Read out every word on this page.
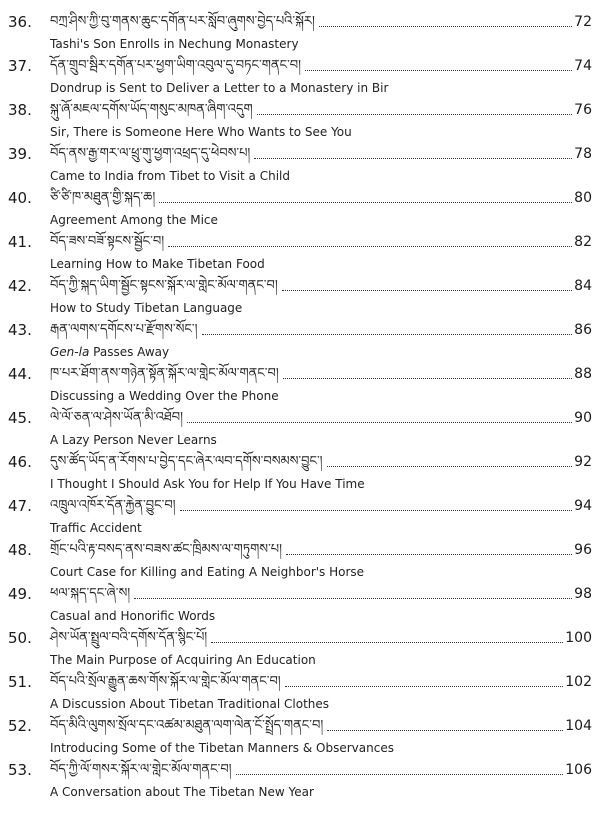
36. བཀྲ་ཤིས་ཀྱི་བུ་གནས་ཆུང་དགོན་པར་སློབ་ཞུགས་བྱེད་པའི་སྐོར།	72
Tashi's Son Enrolls in Nechung Monastery
37. དོན་གྲུབ་སྦིར་དགོན་པར་ཕྱག་ཡིག་འབུལ་དུ་བཏང་གནང་བ།	74
Dondrup is Sent to Deliver a Letter to a Monastery in Bir
38. སྐུ་ཞོ་མཇལ་དགོས་ཡོད་གསུང་མཁན་ཞིག་འདུག	76
Sir, There is Someone Here Who Wants to See You
39. བོད་ནས་རྒྱ་གར་ལ་ཕྲུ་གུ་ཕྱག་འཕྲད་དུ་ཕེབས་པ།	78
Came to India from Tibet to Visit a Child
40. ཙི་ཙི་ཁ་མཐུན་གྱི་སྐད་ཆ།	80
Agreement Among the Mice
41. བོད་ཟས་བཟོ་སྟངས་སྦྱོང་བ།	82
Learning How to Make Tibetan Food
42. བོད་ཀྱི་སྐད་ཡིག་སྦྱོང་སྟངས་སྐོར་ལ་གླེང་མོལ་གནང་བ།	84
How to Study Tibetan Language
43. རྒན་ལགས་དགོངས་པ་རྫོགས་སོང་།	86
Gen-la Passes Away
44. ཁ་པར་ཐོག་ནས་གཉེན་སྟོན་སྐོར་ལ་གླེང་མོལ་གནང་བ།	88
Discussing a Wedding Over the Phone
45. ལེ་ལོ་ཅན་ལ་ཤེས་ཡོན་མི་འཐོབ།	90
A Lazy Person Never Learns
46. དུས་ཚོད་ཡོད་ན་རོགས་པ་བྱེད་དང་ཞེར་ལབ་དགོས་བསམས་བྱུང་།	92
I Thought I Should Ask You for Help If You Have Time
47. འཁྲུལ་འཁོར་དོན་རྐྱེན་བྱུང་བ།	94
Traffic Accident
48. གྲོང་པའི་རྟ་བསད་ནས་བཟས་ཚང་ཁྲིམས་ལ་གཏུགས་པ།	96
Court Case for Killing and Eating A Neighbor's Horse
49. ཕལ་སྐད་དང་ཞེ་ས།	98
Casual and Honorific Words
50. ཤེས་ཡོན་སྤྲུལ་བའི་དགོས་དོན་སྙིང་པོ།	100
The Main Purpose of Acquiring An Education
51. བོད་པའི་སྲོལ་རྒྱུན་ཆས་གོས་སྐོར་ལ་གླེང་མོལ་གནང་བ།	102
A Discussion About Tibetan Traditional Clothes
52. བོད་མིའི་ལུགས་སྲོལ་དང་འཚམ་མཐུན་ལག་ལེན་ངོ་སྤྲོད་གནང་བ།	104
Introducing Some of the Tibetan Manners & Observances
53. བོད་ཀྱི་ལོ་གསར་སྐོར་ལ་གླེང་མོལ་གནང་བ།	106
A Conversation about The Tibetan New Year
